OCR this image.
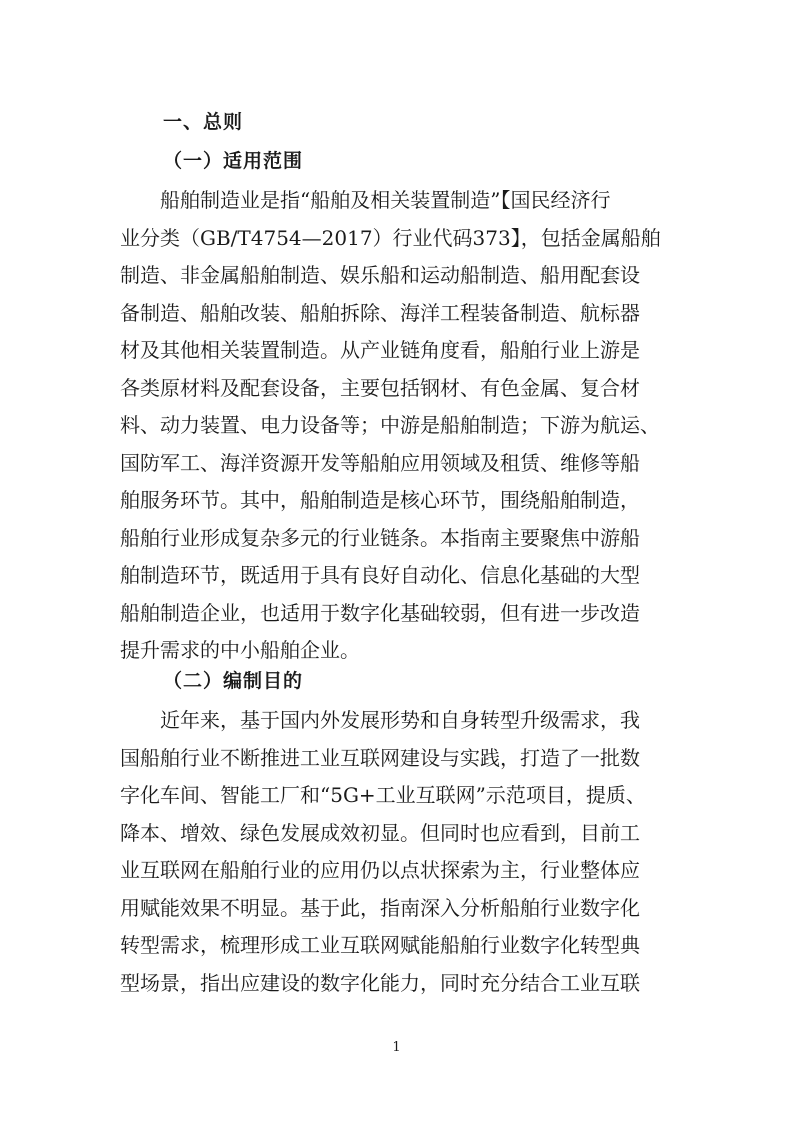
一、总则
（一）适用范围
　　船舶制造业是指“船舶及相关装置制造”【国民经济行
业分类（GB/T4754—2017）行业代码373】，包括金属船舶
制造、非金属船舶制造、娱乐船和运动船制造、船用配套设
备制造、船舶改装、船舶拆除、海洋工程装备制造、航标器
材及其他相关装置制造。从产业链角度看，船舶行业上游是
各类原材料及配套设备，主要包括钢材、有色金属、复合材
料、动力装置、电力设备等；中游是船舶制造；下游为航运、
国防军工、海洋资源开发等船舶应用领域及租赁、维修等船
舶服务环节。其中，船舶制造是核心环节，围绕船舶制造，
船舶行业形成复杂多元的行业链条。本指南主要聚焦中游船
舶制造环节，既适用于具有良好自动化、信息化基础的大型
船舶制造企业，也适用于数字化基础较弱，但有进一步改造
提升需求的中小船舶企业。
（二）编制目的
　　近年来，基于国内外发展形势和自身转型升级需求，我
国船舶行业不断推进工业互联网建设与实践，打造了一批数
字化车间、智能工厂和“5G+工业互联网”示范项目，提质、
降本、增效、绿色发展成效初显。但同时也应看到，目前工
业互联网在船舶行业的应用仍以点状探索为主，行业整体应
用赋能效果不明显。基于此，指南深入分析船舶行业数字化
转型需求，梳理形成工业互联网赋能船舶行业数字化转型典
型场景，指出应建设的数字化能力，同时充分结合工业互联
1
